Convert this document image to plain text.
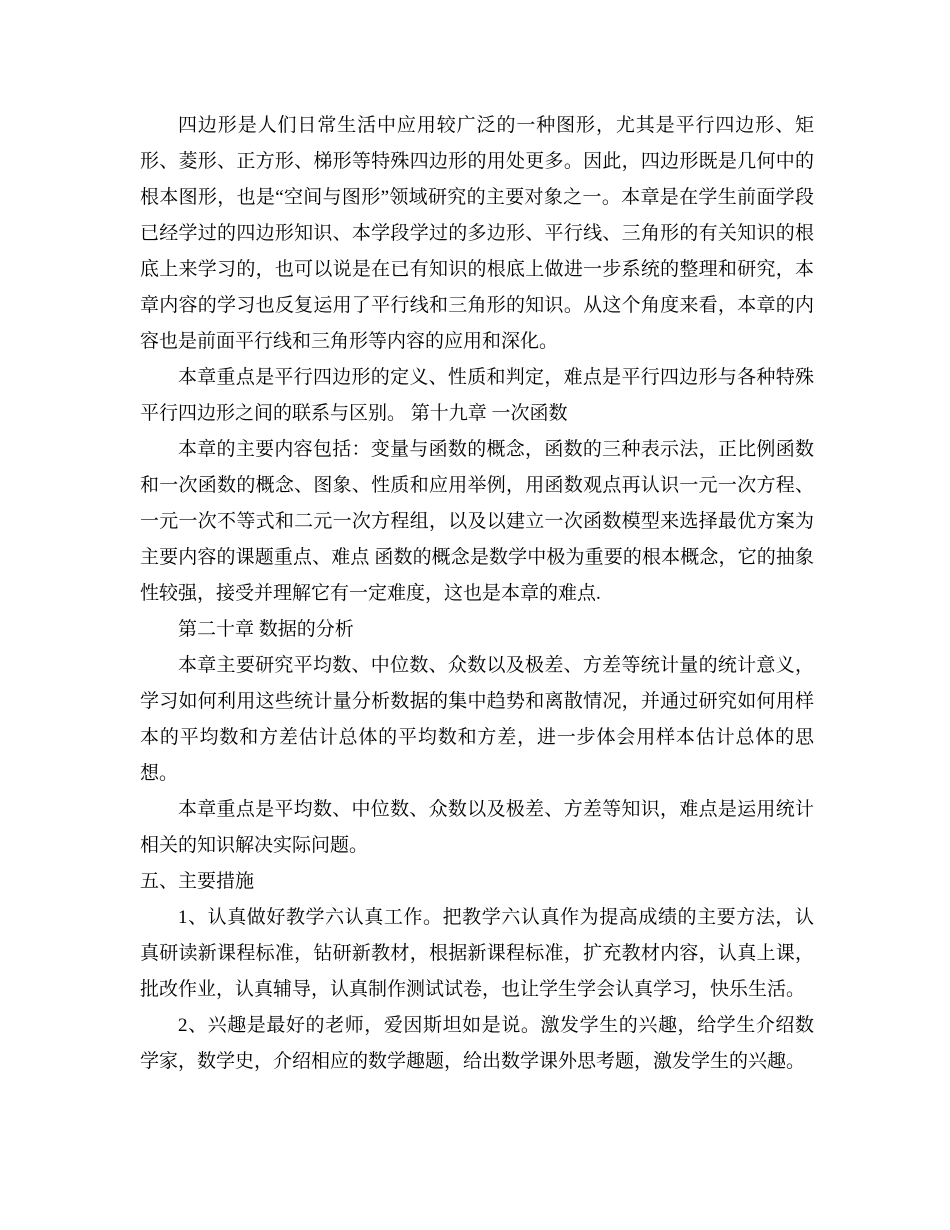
四边形是人们日常生活中应用较广泛的一种图形，尤其是平行四边形、矩形、菱形、正方形、梯形等特殊四边形的用处更多。因此，四边形既是几何中的根本图形，也是“空间与图形”领域研究的主要对象之一。本章是在学生前面学段已经学过的四边形知识、本学段学过的多边形、平行线、三角形的有关知识的根底上来学习的，也可以说是在已有知识的根底上做进一步系统的整理和研究，本章内容的学习也反复运用了平行线和三角形的知识。从这个角度来看，本章的内容也是前面平行线和三角形等内容的应用和深化。

本章重点是平行四边形的定义、性质和判定，难点是平行四边形与各种特殊平行四边形之间的联系与区别。 第十九章 一次函数

本章的主要内容包括：变量与函数的概念，函数的三种表示法，正比例函数和一次函数的概念、图象、性质和应用举例，用函数观点再认识一元一次方程、一元一次不等式和二元一次方程组，以及以建立一次函数模型来选择最优方案为主要内容的课题重点、难点 函数的概念是数学中极为重要的根本概念，它的抽象性较强，接受并理解它有一定难度，这也是本章的难点.

第二十章 数据的分析

本章主要研究平均数、中位数、众数以及极差、方差等统计量的统计意义，学习如何利用这些统计量分析数据的集中趋势和离散情况，并通过研究如何用样本的平均数和方差估计总体的平均数和方差，进一步体会用样本估计总体的思想。

本章重点是平均数、中位数、众数以及极差、方差等知识，难点是运用统计相关的知识解决实际问题。

五、主要措施

1、认真做好教学六认真工作。把教学六认真作为提高成绩的主要方法，认真研读新课程标准，钻研新教材，根据新课程标准，扩充教材内容，认真上课，批改作业，认真辅导，认真制作测试试卷，也让学生学会认真学习，快乐生活。

2、兴趣是最好的老师，爱因斯坦如是说。激发学生的兴趣，给学生介绍数学家，数学史，介绍相应的数学趣题，给出数学课外思考题，激发学生的兴趣。
